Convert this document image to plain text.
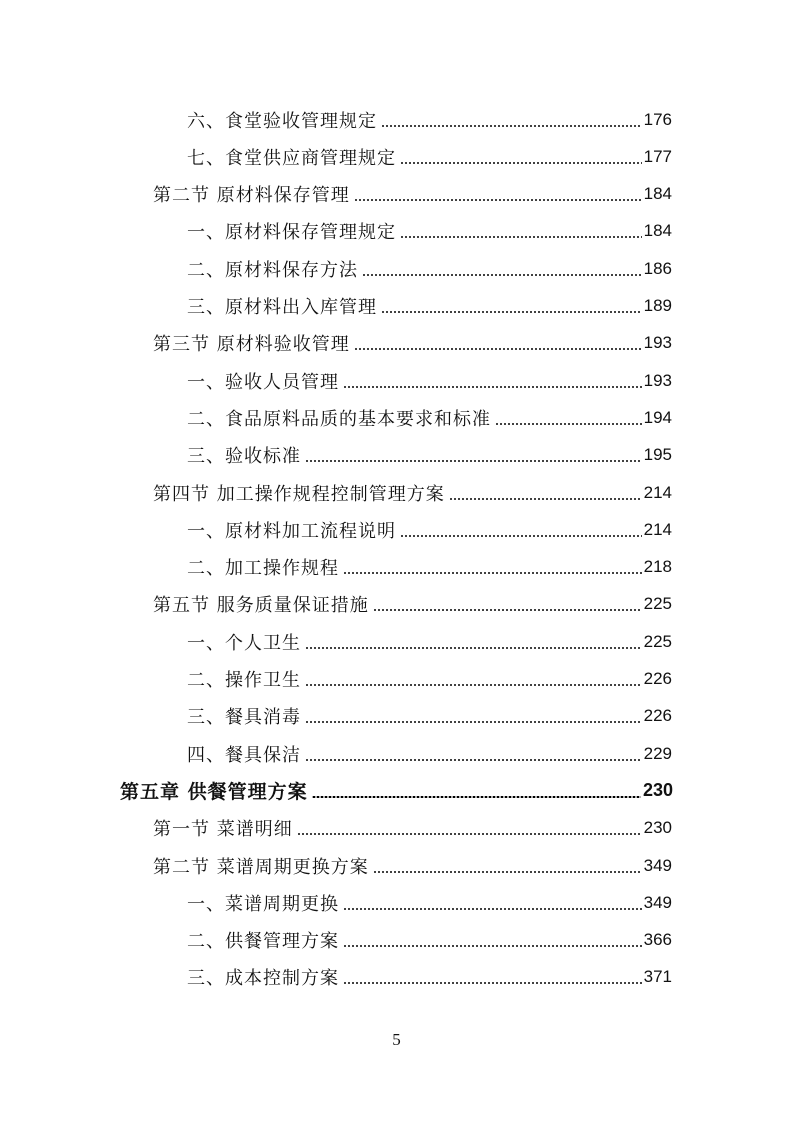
六、食堂验收管理规定	176
七、食堂供应商管理规定	177
第二节 原材料保存管理	184
一、原材料保存管理规定	184
二、原材料保存方法	186
三、原材料出入库管理	189
第三节 原材料验收管理	193
一、验收人员管理	193
二、食品原料品质的基本要求和标准	194
三、验收标准	195
第四节 加工操作规程控制管理方案	214
一、原材料加工流程说明	214
二、加工操作规程	218
第五节 服务质量保证措施	225
一、个人卫生	225
二、操作卫生	226
三、餐具消毒	226
四、餐具保洁	229
第五章 供餐管理方案	230
第一节 菜谱明细	230
第二节 菜谱周期更换方案	349
一、菜谱周期更换	349
二、供餐管理方案	366
三、成本控制方案	371
5
